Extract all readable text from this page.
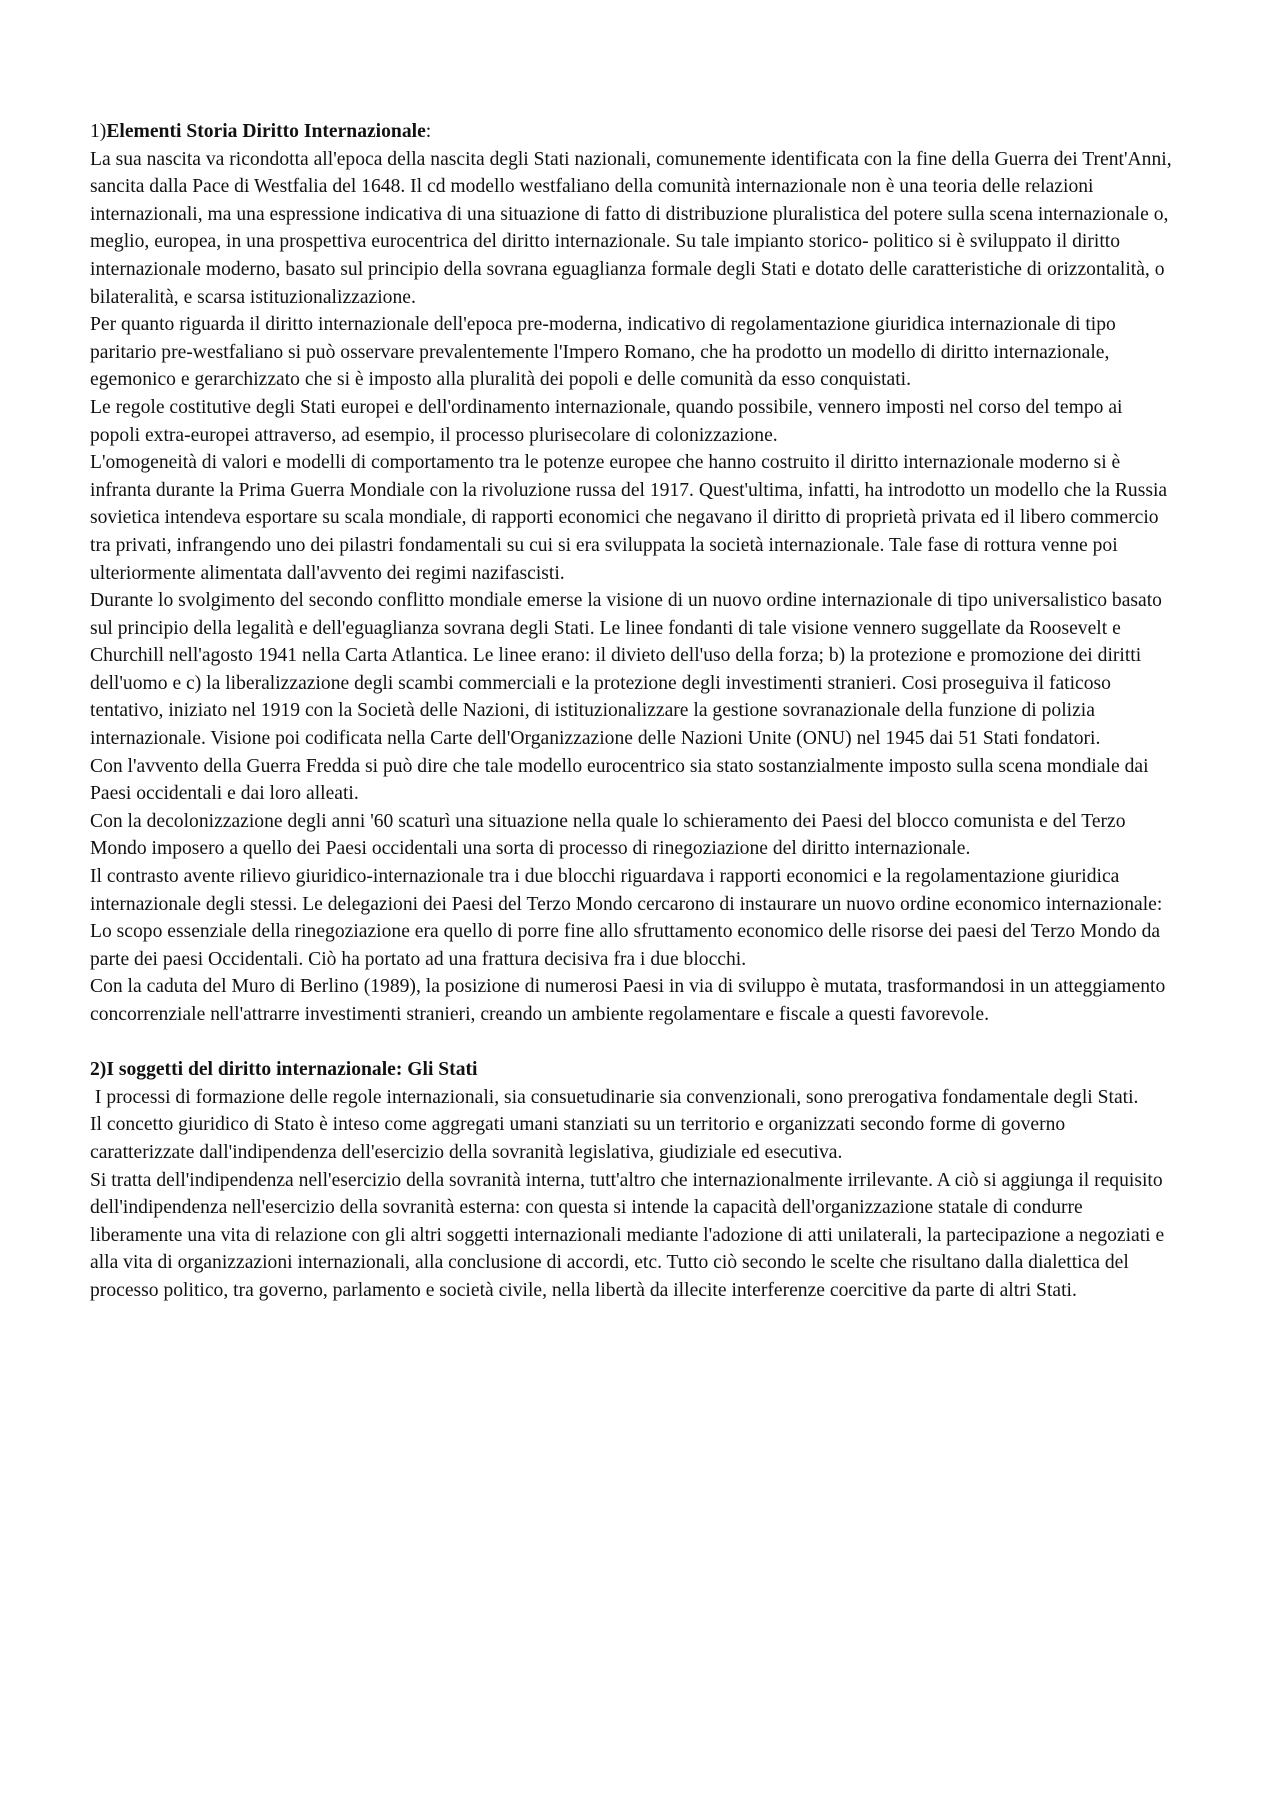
1)Elementi Storia Diritto Internazionale:

La sua nascita va ricondotta all'epoca della nascita degli Stati nazionali, comunemente identificata con la fine della Guerra dei Trent'Anni, sancita dalla Pace di Westfalia del 1648. Il cd modello westfaliano della comunità internazionale non è una teoria delle relazioni internazionali, ma una espressione indicativa di una situazione di fatto di distribuzione pluralistica del potere sulla scena internazionale o, meglio, europea, in una prospettiva eurocentrica del diritto internazionale. Su tale impianto storico- politico si è sviluppato il diritto internazionale moderno, basato sul principio della sovrana eguaglianza formale degli Stati e dotato delle caratteristiche di orizzontalità, o bilateralità, e scarsa istituzionalizzazione.

Per quanto riguarda il diritto internazionale dell'epoca pre-moderna, indicativo di regolamentazione giuridica internazionale di tipo paritario pre-westfaliano si può osservare prevalentemente l'Impero Romano, che ha prodotto un modello di diritto internazionale, egemonico e gerarchizzato che si è imposto alla pluralità dei popoli e delle comunità da esso conquistati.

Le regole costitutive degli Stati europei e dell'ordinamento internazionale, quando possibile, vennero imposti nel corso del tempo ai popoli extra-europei attraverso, ad esempio, il processo plurisecolare di colonizzazione.

L'omogeneità di valori e modelli di comportamento tra le potenze europee che hanno costruito il diritto internazionale moderno si è infranta durante la Prima Guerra Mondiale con la rivoluzione russa del 1917. Quest'ultima, infatti, ha introdotto un modello che la Russia sovietica intendeva esportare su scala mondiale, di rapporti economici che negavano il diritto di proprietà privata ed il libero commercio tra privati, infrangendo uno dei pilastri fondamentali su cui si era sviluppata la società internazionale. Tale fase di rottura venne poi ulteriormente alimentata dall'avvento dei regimi nazifascisti.

Durante lo svolgimento del secondo conflitto mondiale emerse la visione di un nuovo ordine internazionale di tipo universalistico basato sul principio della legalità e dell'eguaglianza sovrana degli Stati. Le linee fondanti di tale visione vennero suggellate da Roosevelt e Churchill nell'agosto 1941 nella Carta Atlantica. Le linee erano: il divieto dell'uso della forza; b) la protezione e promozione dei diritti dell'uomo e c) la liberalizzazione degli scambi commerciali e la protezione degli investimenti stranieri. Cosi proseguiva il faticoso tentativo, iniziato nel 1919 con la Società delle Nazioni, di istituzionalizzare la gestione sovranazionale della funzione di polizia internazionale. Visione poi codificata nella Carte dell'Organizzazione delle Nazioni Unite (ONU) nel 1945 dai 51 Stati fondatori.

Con l'avvento della Guerra Fredda si può dire che tale modello eurocentrico sia stato sostanzialmente imposto sulla scena mondiale dai Paesi occidentali e dai loro alleati.

Con la decolonizzazione degli anni '60 scaturì una situazione nella quale lo schieramento dei Paesi del blocco comunista e del Terzo Mondo imposero a quello dei Paesi occidentali una sorta di processo di rinegoziazione del diritto internazionale.

Il contrasto avente rilievo giuridico-internazionale tra i due blocchi riguardava i rapporti economici e la regolamentazione giuridica internazionale degli stessi. Le delegazioni dei Paesi del Terzo Mondo cercarono di instaurare un nuovo ordine economico internazionale: Lo scopo essenziale della rinegoziazione era quello di porre fine allo sfruttamento economico delle risorse dei paesi del Terzo Mondo da parte dei paesi Occidentali. Ciò ha portato ad una frattura decisiva fra i due blocchi.

Con la caduta del Muro di Berlino (1989), la posizione di numerosi Paesi in via di sviluppo è mutata, trasformandosi in un atteggiamento concorrenziale nell'attrarre investimenti stranieri, creando un ambiente regolamentare e fiscale a questi favorevole.

2)I soggetti del diritto internazionale: Gli Stati

I processi di formazione delle regole internazionali, sia consuetudinarie sia convenzionali, sono prerogativa fondamentale degli Stati.

Il concetto giuridico di Stato è inteso come aggregati umani stanziati su un territorio e organizzati secondo forme di governo caratterizzate dall'indipendenza dell'esercizio della sovranità legislativa, giudiziale ed esecutiva.

Si tratta dell'indipendenza nell'esercizio della sovranità interna, tutt'altro che internazionalmente irrilevante. A ciò si aggiunga il requisito dell'indipendenza nell'esercizio della sovranità esterna: con questa si intende la capacità dell'organizzazione statale di condurre liberamente una vita di relazione con gli altri soggetti internazionali mediante l'adozione di atti unilaterali, la partecipazione a negoziati e alla vita di organizzazioni internazionali, alla conclusione di accordi, etc. Tutto ciò secondo le scelte che risultano dalla dialettica del processo politico, tra governo, parlamento e società civile, nella libertà da illecite interferenze coercitive da parte di altri Stati.
